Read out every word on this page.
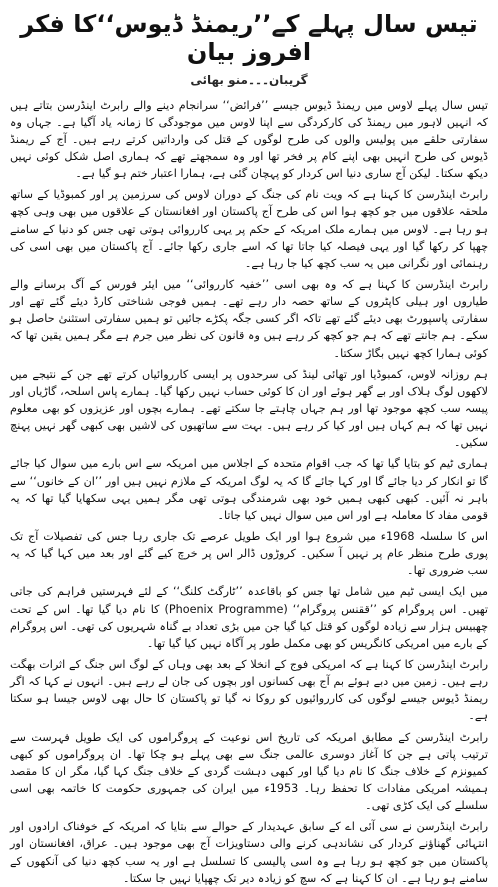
تیس سال پہلے کے’’ریمنڈ ڈیوس‘‘کا فکر افروز بیان
گریبان۔۔۔منو بھائی

تیس سال پہلے لاوس میں ریمنڈ ڈیوس جیسے ’’فرائض‘‘ سرانجام دینے والے رابرٹ اینڈرسن بتاتے ہیں کہ انہیں لاہور میں ریمنڈ کی کارکردگی سے اپنا لاوس میں موجودگی کا زمانہ یاد آگیا ہے۔ جہاں وہ سفارتی حلقے میں پولیس والوں کی طرح لوگوں کے قتل کی وارداتیں کرتے رہے ہیں۔ آج کے ریمنڈ ڈیوس کی طرح انہیں بھی اپنے کام پر فخر تھا اور وہ سمجھتے تھے کہ ہماری اصل شکل کوئی نہیں دیکھ سکتا۔ لیکن آج ساری دنیا اس کردار کو پہچان گئی ہے، ہمارا اعتبار ختم ہو گیا ہے۔

رابرٹ اینڈرسن کا کہنا ہے کہ ویت نام کی جنگ کے دوران لاوس کی سرزمین پر اور کمبوڈیا کے ساتھ ملحقہ علاقوں میں جو کچھ ہوا اس کی طرح آج پاکستان اور افغانستان کے علاقوں میں بھی وہی کچھ ہو رہا ہے۔ لاوس میں ہمارے ملک امریکہ کے حکم پر یہی کارروائی ہوتی تھی جس کو دنیا کے سامنے چھپا کر رکھا گیا اور یہی فیصلہ کیا جاتا تھا کہ اسے جاری رکھا جائے۔ آج پاکستان میں بھی اسی کی رہنمائی اور نگرانی میں یہ سب کچھ کیا جا رہا ہے۔

رابرٹ اینڈرسن کا کہنا ہے کہ وہ بھی اسی ’’خفیہ کارروائی‘‘ میں ایئر فورس کے آگ برسانے والے طیاروں اور ہیلی کاپٹروں کے ساتھ حصہ دار رہے تھے۔ ہمیں فوجی شناختی کارڈ دیئے گئے تھے اور سفارتی پاسپورٹ بھی دیئے گئے تھے تاکہ اگر کسی جگہ پکڑے جائیں تو ہمیں سفارتی استثنیٰ حاصل ہو سکے۔ ہم جانتے تھے کہ ہم جو کچھ کر رہے ہیں وہ قانون کی نظر میں جرم ہے مگر ہمیں یقین تھا کہ کوئی ہمارا کچھ نہیں بگاڑ سکتا۔

ہم روزانہ لاوس، کمبوڈیا اور تھائی لینڈ کی سرحدوں پر ایسی کارروائیاں کرتے تھے جن کے نتیجے میں لاکھوں لوگ ہلاک اور بے گھر ہوئے اور ان کا کوئی حساب نہیں رکھا گیا۔ ہمارے پاس اسلحہ، گاڑیاں اور پیسہ سب کچھ موجود تھا اور ہم جہاں چاہتے جا سکتے تھے۔ ہمارے بچوں اور عزیزوں کو بھی معلوم نہیں تھا کہ ہم کہاں ہیں اور کیا کر رہے ہیں۔ بہت سے ساتھیوں کی لاشیں بھی کبھی گھر نہیں پہنچ سکیں۔

ہماری ٹیم کو بتایا گیا تھا کہ جب اقوام متحدہ کے اجلاس میں امریکہ سے اس بارے میں سوال کیا جائے گا تو انکار کر دیا جائے گا اور کہا جائے گا کہ یہ لوگ امریکہ کے ملازم نہیں ہیں اور ’’ان کے خانوں‘‘ سے باہر نہ آئیں۔ کبھی کبھی ہمیں خود بھی شرمندگی ہوتی تھی مگر ہمیں یہی سکھایا گیا تھا کہ یہ قومی مفاد کا معاملہ ہے اور اس میں سوال نہیں کیا جاتا۔

اس کا سلسلہ 1968ء میں شروع ہوا اور ایک طویل عرصے تک جاری رہا جس کی تفصیلات آج تک پوری طرح منظر عام پر نہیں آ سکیں۔ کروڑوں ڈالر اس پر خرچ کیے گئے اور بعد میں کہا گیا کہ یہ سب ضروری تھا۔

میں ایک ایسی ٹیم میں شامل تھا جس کو باقاعدہ ’’ٹارگٹ کلنگ‘‘ کے لئے فہرستیں فراہم کی جاتی تھیں۔ اس پروگرام کو ’’ققنس پروگرام‘‘ (Phoenix Programme) کا نام دیا گیا تھا۔ اس کے تحت چھبیس ہزار سے زیادہ لوگوں کو قتل کیا گیا جن میں بڑی تعداد بے گناہ شہریوں کی تھی۔ اس پروگرام کے بارے میں امریکی کانگریس کو بھی مکمل طور پر آگاہ نہیں کیا گیا تھا۔

رابرٹ اینڈرسن کا کہنا ہے کہ امریکی فوج کے انخلا کے بعد بھی وہاں کے لوگ اس جنگ کے اثرات بھگت رہے ہیں۔ زمین میں دبے ہوئے بم آج بھی کسانوں اور بچوں کی جان لے رہے ہیں۔ انہوں نے کہا کہ اگر ریمنڈ ڈیوس جیسے لوگوں کی کارروائیوں کو روکا نہ گیا تو پاکستان کا حال بھی لاوس جیسا ہو سکتا ہے۔

رابرٹ اینڈرسن کے مطابق امریکہ کی تاریخ اس نوعیت کے پروگراموں کی ایک طویل فہرست سے ترتیب پاتی ہے جن کا آغاز دوسری عالمی جنگ سے بھی پہلے ہو چکا تھا۔ ان پروگراموں کو کبھی کمیونزم کے خلاف جنگ کا نام دیا گیا اور کبھی دہشت گردی کے خلاف جنگ کہا گیا، مگر ان کا مقصد ہمیشہ امریکی مفادات کا تحفظ رہا۔ 1953ء میں ایران کی جمہوری حکومت کا خاتمہ بھی اسی سلسلے کی ایک کڑی تھی۔

رابرٹ اینڈرسن نے سی آئی اے کے سابق عہدیدار کے حوالے سے بتایا کہ امریکہ کے خوفناک ارادوں اور انتہائی گھناؤنے کردار کی نشاندہی کرنے والی دستاویزات آج بھی موجود ہیں۔ عراق، افغانستان اور پاکستان میں جو کچھ ہو رہا ہے وہ اسی پالیسی کا تسلسل ہے اور یہ سب کچھ دنیا کی آنکھوں کے سامنے ہو رہا ہے۔ ان کا کہنا ہے کہ سچ کو زیادہ دیر تک چھپایا نہیں جا سکتا۔
